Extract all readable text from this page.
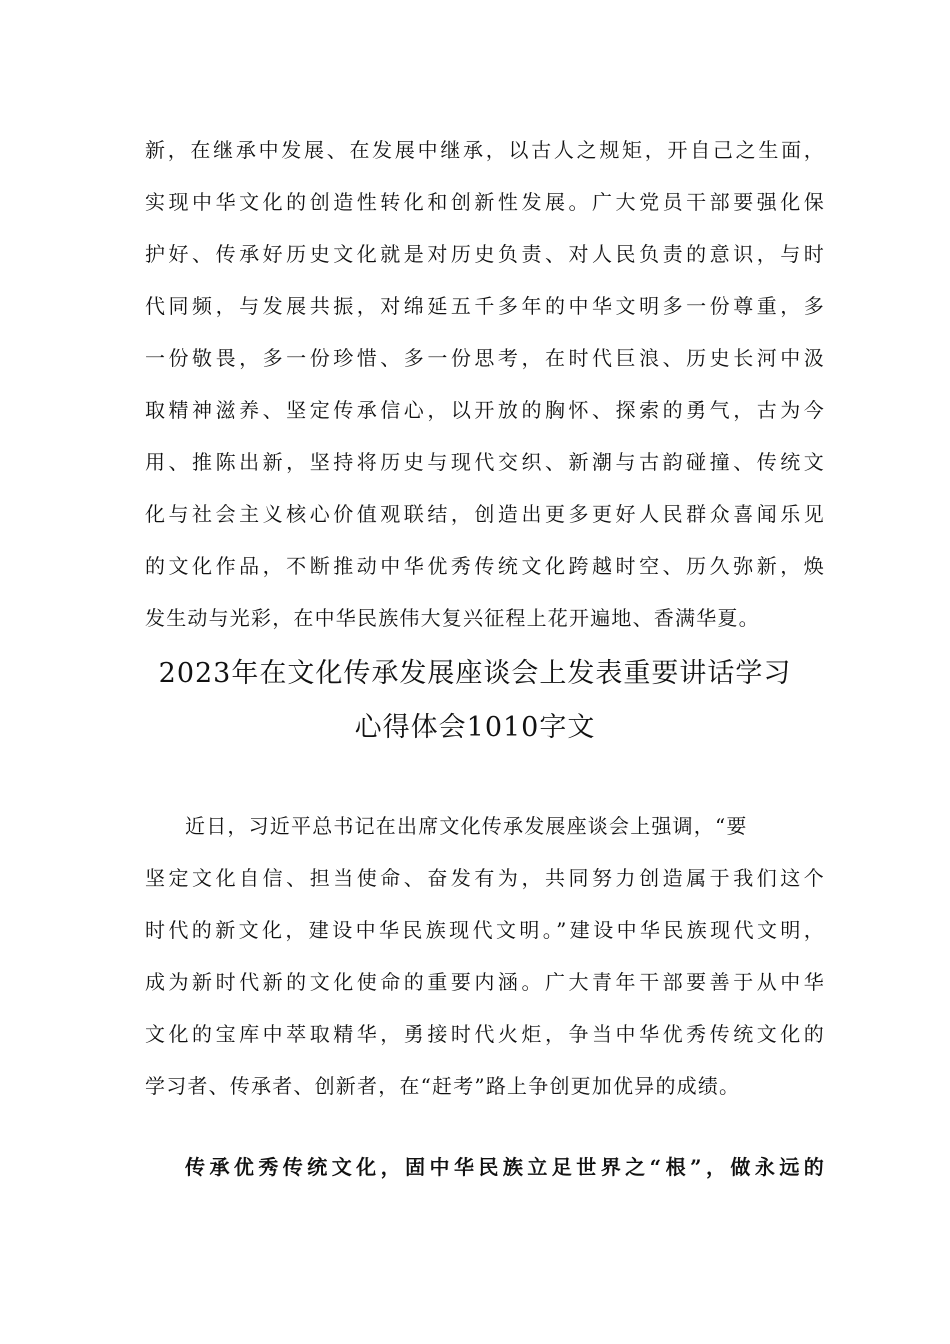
新，在继承中发展、在发展中继承，以古人之规矩，开自己之生面，
实现中华文化的创造性转化和创新性发展。广大党员干部要强化保
护好、传承好历史文化就是对历史负责、对人民负责的意识，与时
代同频，与发展共振，对绵延五千多年的中华文明多一份尊重，多
一份敬畏，多一份珍惜、多一份思考，在时代巨浪、历史长河中汲
取精神滋养、坚定传承信心，以开放的胸怀、探索的勇气，古为今
用、推陈出新，坚持将历史与现代交织、新潮与古韵碰撞、传统文
化与社会主义核心价值观联结，创造出更多更好人民群众喜闻乐见
的文化作品，不断推动中华优秀传统文化跨越时空、历久弥新，焕
发生动与光彩，在中华民族伟大复兴征程上花开遍地、香满华夏。
2023年在文化传承发展座谈会上发表重要讲话学习
心得体会1010字文
近日，习近平总书记在出席文化传承发展座谈会上强调，“要
坚定文化自信、担当使命、奋发有为，共同努力创造属于我们这个
时代的新文化，建设中华民族现代文明。”建设中华民族现代文明，
成为新时代新的文化使命的重要内涵。广大青年干部要善于从中华
文化的宝库中萃取精华，勇接时代火炬，争当中华优秀传统文化的
学习者、传承者、创新者，在“赶考”路上争创更加优异的成绩。
传承优秀传统文化，固中华民族立足世界之“根”，做永远的
